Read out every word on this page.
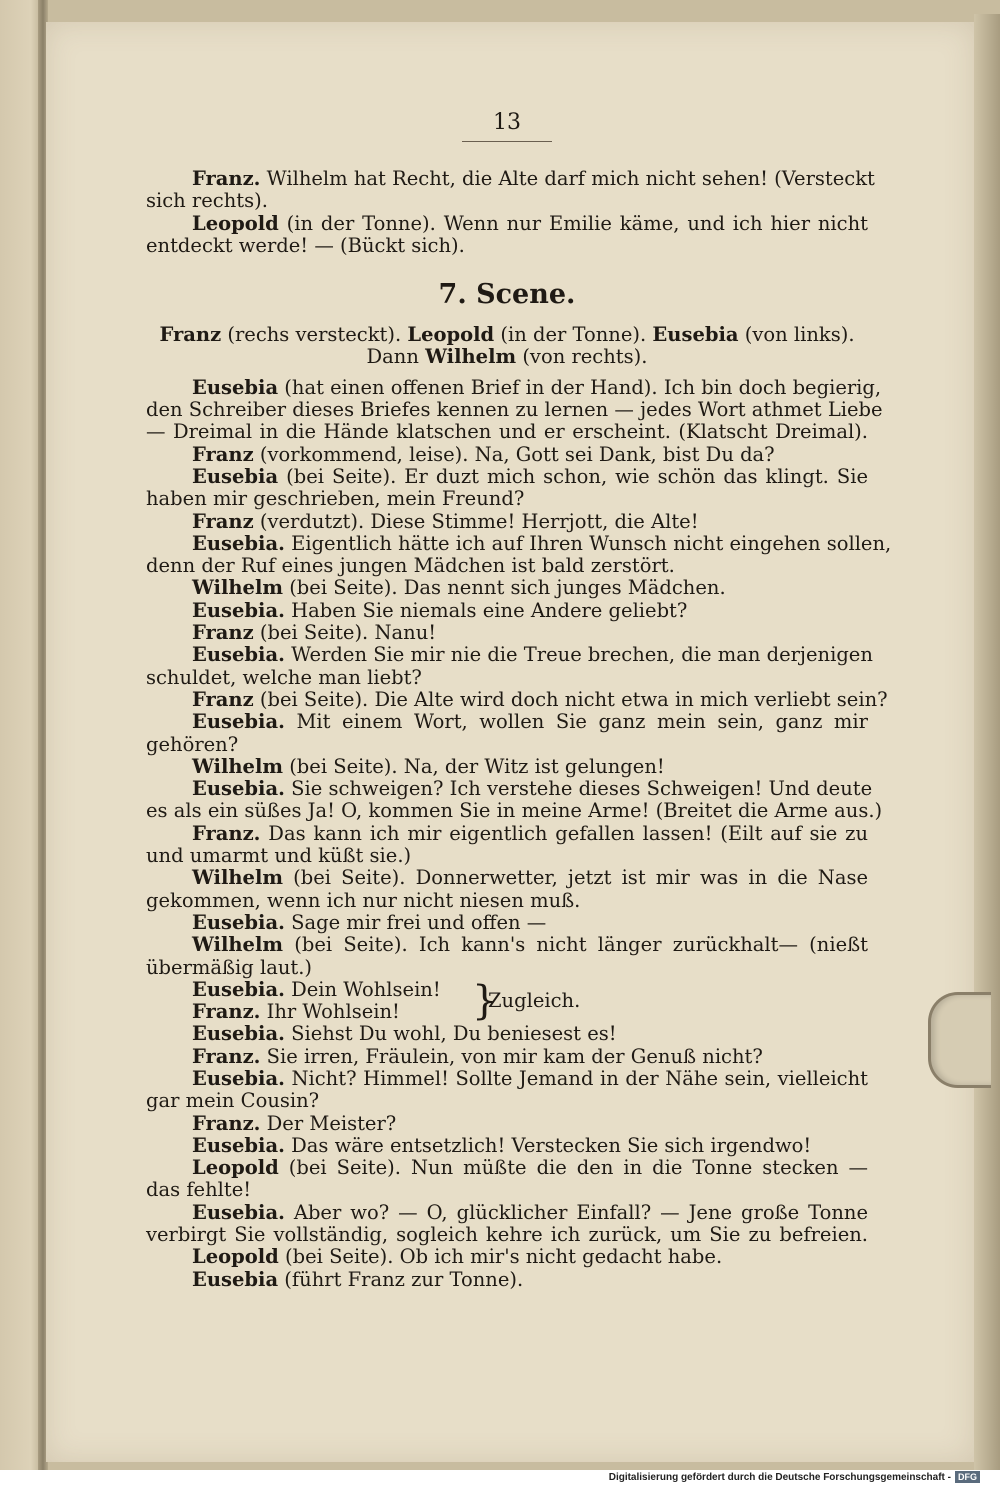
13
Franz. Wilhelm hat Recht, die Alte darf mich nicht sehen! (Versteckt
sich rechts).
Leopold (in der Tonne). Wenn nur Emilie käme, und ich hier nicht
entdeckt werde! — (Bückt sich).
7. Scene.
Franz (rechs versteckt). Leopold (in der Tonne). Eusebia (von links).
Dann Wilhelm (von rechts).
Eusebia (hat einen offenen Brief in der Hand). Ich bin doch begierig,
den Schreiber dieses Briefes kennen zu lernen — jedes Wort athmet Liebe
— Dreimal in die Hände klatschen und er erscheint. (Klatscht Dreimal).
Franz (vorkommend, leise). Na, Gott sei Dank, bist Du da?
Eusebia (bei Seite). Er duzt mich schon, wie schön das klingt. Sie
haben mir geschrieben, mein Freund?
Franz (verdutzt). Diese Stimme! Herrjott, die Alte!
Eusebia. Eigentlich hätte ich auf Ihren Wunsch nicht eingehen sollen,
denn der Ruf eines jungen Mädchen ist bald zerstört.
Wilhelm (bei Seite). Das nennt sich junges Mädchen.
Eusebia. Haben Sie niemals eine Andere geliebt?
Franz (bei Seite). Nanu!
Eusebia. Werden Sie mir nie die Treue brechen, die man derjenigen
schuldet, welche man liebt?
Franz (bei Seite). Die Alte wird doch nicht etwa in mich verliebt sein?
Eusebia. Mit einem Wort, wollen Sie ganz mein sein, ganz mir
gehören?
Wilhelm (bei Seite). Na, der Witz ist gelungen!
Eusebia. Sie schweigen? Ich verstehe dieses Schweigen! Und deute
es als ein süßes Ja! O, kommen Sie in meine Arme! (Breitet die Arme aus.)
Franz. Das kann ich mir eigentlich gefallen lassen! (Eilt auf sie zu
und umarmt und küßt sie.)
Wilhelm (bei Seite). Donnerwetter, jetzt ist mir was in die Nase
gekommen, wenn ich nur nicht niesen muß.
Eusebia. Sage mir frei und offen —
Wilhelm (bei Seite). Ich kann's nicht länger zurückhalt— (nießt
übermäßig laut.)
Eusebia. Dein Wohlsein! }
Zugleich.
Franz. Ihr Wohlsein!
Eusebia. Siehst Du wohl, Du beniesest es!
Franz. Sie irren, Fräulein, von mir kam der Genuß nicht?
Eusebia. Nicht? Himmel! Sollte Jemand in der Nähe sein, vielleicht
gar mein Cousin?
Franz. Der Meister?
Eusebia. Das wäre entsetzlich! Verstecken Sie sich irgendwo!
Leopold (bei Seite). Nun müßte die den in die Tonne stecken —
das fehlte!
Eusebia. Aber wo? — O, glücklicher Einfall? — Jene große Tonne
verbirgt Sie vollständig, sogleich kehre ich zurück, um Sie zu befreien.
Leopold (bei Seite). Ob ich mir's nicht gedacht habe.
Eusebia (führt Franz zur Tonne).
Digitalisierung gefördert durch die Deutsche Forschungsgemeinschaft - DFG
